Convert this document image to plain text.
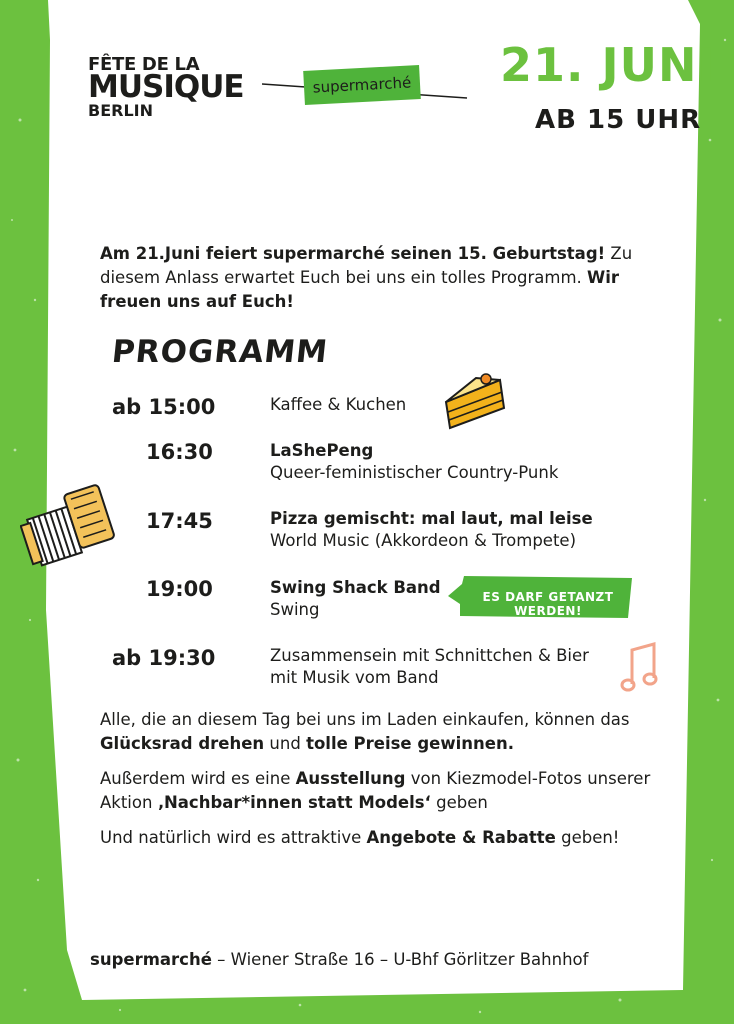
FÊTE DE LA
MUSIQUE
BERLIN
supermarché 21. JUNI
AB 15 UHR
Am 21.Juni feiert supermarché seinen 15. Geburtstag! Zu diesem Anlass erwartet Euch bei uns ein tolles Programm. Wir freuen uns auf Euch!
PROGRAMM
ab 15:00	Kaffee & Kuchen
16:30	LaShePeng
Queer-feministischer Country-Punk
17:45	Pizza gemischt: mal laut, mal leise
World Music (Akkordeon & Trompete)
19:00	Swing Shack Band
Swing
ab 19:30	Zusammensein mit Schnittchen & Bier
mit Musik vom Band
ES DARF GETANZT WERDEN!
Alle, die an diesem Tag bei uns im Laden einkaufen, können das Glücksrad drehen und tolle Preise gewinnen.
Außerdem wird es eine Ausstellung von Kiezmodel-Fotos unserer Aktion ‚Nachbar*innen statt Models‘ geben
Und natürlich wird es attraktive Angebote & Rabatte geben!
supermarché – Wiener Straße 16 – U-Bhf Görlitzer Bahnhof
